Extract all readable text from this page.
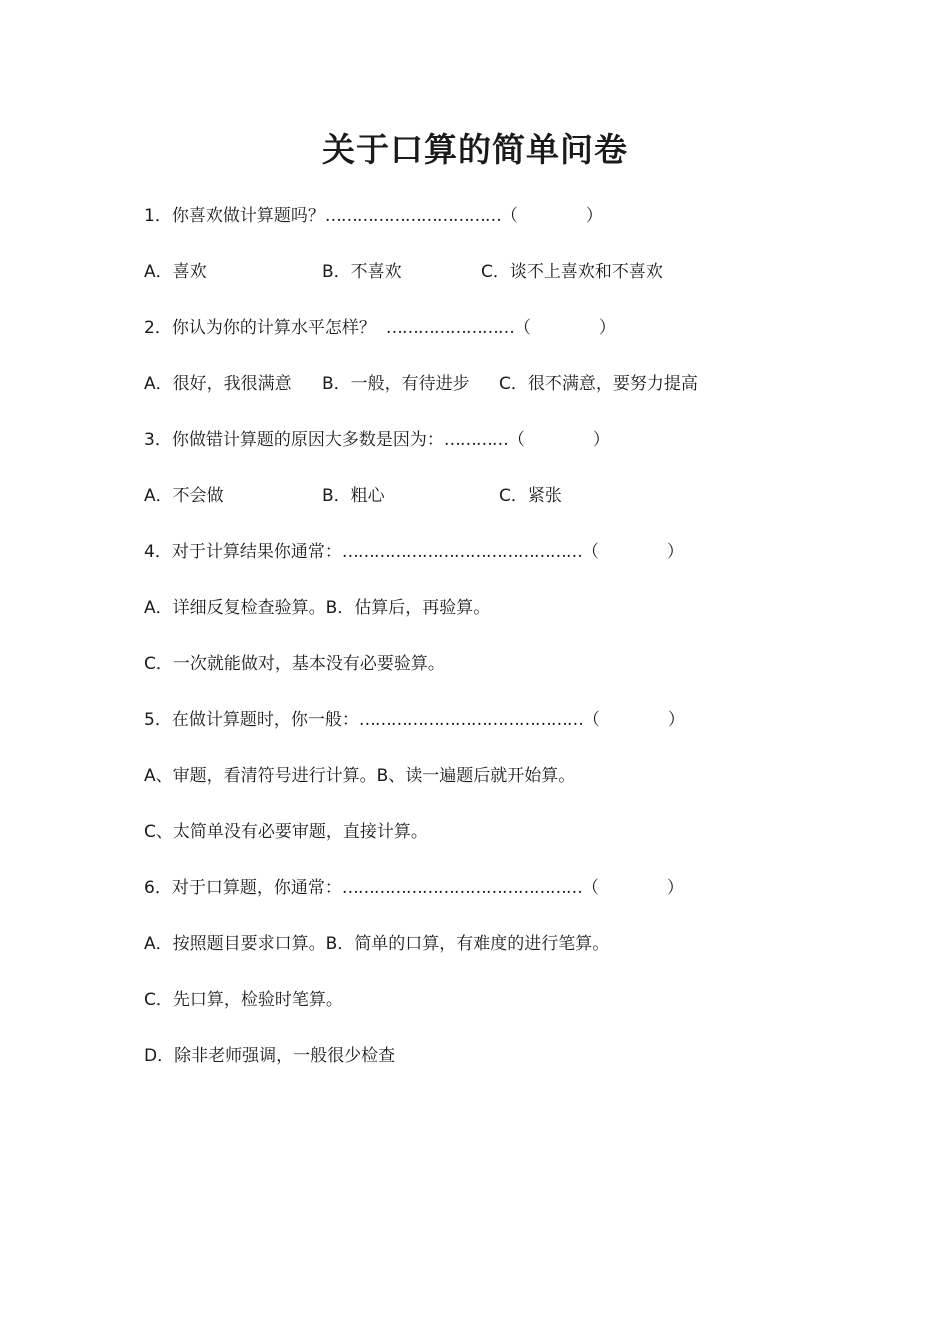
关于口算的简单问卷
1．你喜欢做计算题吗？……………………………（　　　　）
A．喜欢	B．不喜欢	C．谈不上喜欢和不喜欢
2．你认为你的计算水平怎样？ ……………………（　　　　）
A．很好，我很满意 B．一般，有待进步 C．很不满意，要努力提高
3．你做错计算题的原因大多数是因为：…………（　　　　）
A．不会做	B．粗心	C．紧张
4．对于计算结果你通常：………………………………………（　　　　）
A．详细反复检查验算。B．估算后，再验算。
C．一次就能做对，基本没有必要验算。
5．在做计算题时，你一般：……………………………………（　　　　）
A、审题，看清符号进行计算。B、读一遍题后就开始算。
C、太简单没有必要审题，直接计算。
6．对于口算题，你通常：………………………………………（　　　　）
A．按照题目要求口算。B．简单的口算，有难度的进行笔算。
C．先口算，检验时笔算。
D．除非老师强调，一般很少检查
